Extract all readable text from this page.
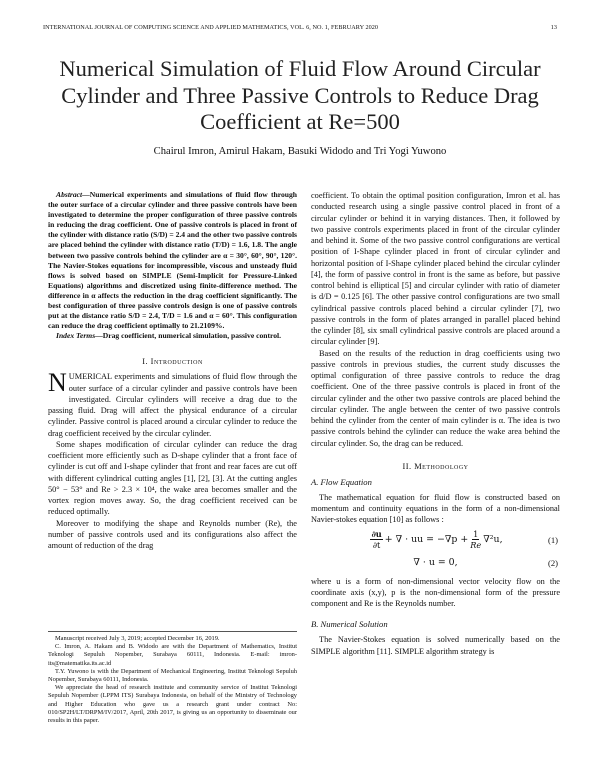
INTERNATIONAL JOURNAL OF COMPUTING SCIENCE AND APPLIED MATHEMATICS, VOL. 6, NO. 1, FEBRUARY 2020	13
Numerical Simulation of Fluid Flow Around Circular Cylinder and Three Passive Controls to Reduce Drag Coefficient at Re=500
Chairul Imron, Amirul Hakam, Basuki Widodo and Tri Yogi Yuwono

Abstract—Numerical experiments and simulations of fluid flow through the outer surface of a circular cylinder and three passive controls have been investigated to determine the proper configuration of three passive controls in reducing the drag coefficient. One of passive controls is placed in front of the cylinder with distance ratio (S/D) = 2.4 and the other two passive controls are placed behind the cylinder with distance ratio (T/D) = 1.6, 1.8. The angle between two passive controls behind the cylinder are α = 30°, 60°, 90°, 120°. The Navier-Stokes equations for incompressible, viscous and unsteady fluid flows is solved based on SIMPLE (Semi-Implicit for Pressure-Linked Equations) algorithms and discretized using finite-difference method. The difference in α affects the reduction in the drag coefficient significantly. The best configuration of three passive controls design is one of passive controls put at the distance ratio S/D = 2.4, T/D = 1.6 and α = 60°. This configuration can reduce the drag coefficient optimally to 21.2109%.

Index Terms—Drag coefficient, numerical simulation, passive control.

I. Introduction

NUMERICAL experiments and simulations of fluid flow through the outer surface of a circular cylinder and passive controls have been investigated. Circular cylinders will receive a drag due to the passing fluid. Drag will affect the physical endurance of a circular cylinder. Passive control is placed around a circular cylinder to reduce the drag coefficient received by the circular cylinder.

Some shapes modification of circular cylinder can reduce the drag coefficient more efficiently such as D-shape cylinder that a front face of cylinder is cut off and I-shape cylinder that front and rear faces are cut off with different cylindrical cutting angles [1], [2], [3]. At the cutting angles 50° − 53° and Re > 2.3 × 10⁴, the wake area becomes smaller and the vortex region moves away. So, the drag coefficient received can be reduced optimally.

Moreover to modifying the shape and Reynolds number (Re), the number of passive controls used and its configurations also affect the amount of reduction of the drag

Manuscript received July 3, 2019; accepted December 16, 2019.

C. Imron, A. Hakam and B. Widodo are with the Department of Mathematics, Institut Teknologi Sepuluh Nopember, Surabaya 60111, Indonesia. E-mail: imron-its@matematika.its.ac.id

T.Y. Yuwono is with the Department of Mechanical Engineering, Institut Teknologi Sepuluh Nopember, Surabaya 60111, Indonesia.

We appreciate the head of research institute and community service of Institut Teknologi Sepuluh Nopember (LPPM ITS) Surabaya Indonesia, on behalf of the Ministry of Technology and Higher Education who gave us a research grant under contract No: 010/SP2H/LT/DRPM/IV/2017, April, 20th 2017, is giving us an opportunity to disseminate our results in this paper.

coefficient. To obtain the optimal position configuration, Imron et al. has conducted research using a single passive control placed in front of a circular cylinder or behind it in varying distances. Then, it followed by two passive controls experiments placed in front of the circular cylinder and behind it. Some of the two passive control configurations are vertical position of I-Shape cylinder placed in front of circular cylinder and horizontal position of I-Shape cylinder placed behind the circular cylinder [4], the form of passive control in front is the same as before, but passive control behind is elliptical [5] and circular cylinder with ratio of diameter is d/D = 0.125 [6]. The other passive control configurations are two small cylindrical passive controls placed behind a circular cylinder [7], two passive controls in the form of plates arranged in parallel placed behind the cylinder [8], six small cylindrical passive controls are placed around a circular cylinder [9].

Based on the results of the reduction in drag coefficients using two passive controls in previous studies, the current study discusses the optimal configuration of three passive controls to reduce the drag coefficient. One of the three passive controls is placed in front of the circular cylinder and the other two passive controls are placed behind the circular cylinder. The angle between the center of two passive controls behind the cylinder from the center of main cylinder is α. The idea is two passive controls behind the cylinder can reduce the wake area behind the circular cylinder. So, the drag can be reduced.

II. Methodology
A. Flow Equation

The mathematical equation for fluid flow is constructed based on momentum and continuity equations in the form of a non-dimensional Navier-stokes equation [10] as follows :

$\frac{\partial u}{\partial t}$ + ∇ · uu = $-\nabla p + \frac{1}{Re} \nabla^2u$,	(1)
∇ · u = 0,	(2)

where u is a form of non-dimensional vector velocity flow on the coordinate axis (x,y), p is the non-dimensional form of the pressure component and Re is the Reynolds number.

B. Numerical Solution

The Navier-Stokes equation is solved numerically based on the SIMPLE algorithm [11]. SIMPLE algorithm strategy is
